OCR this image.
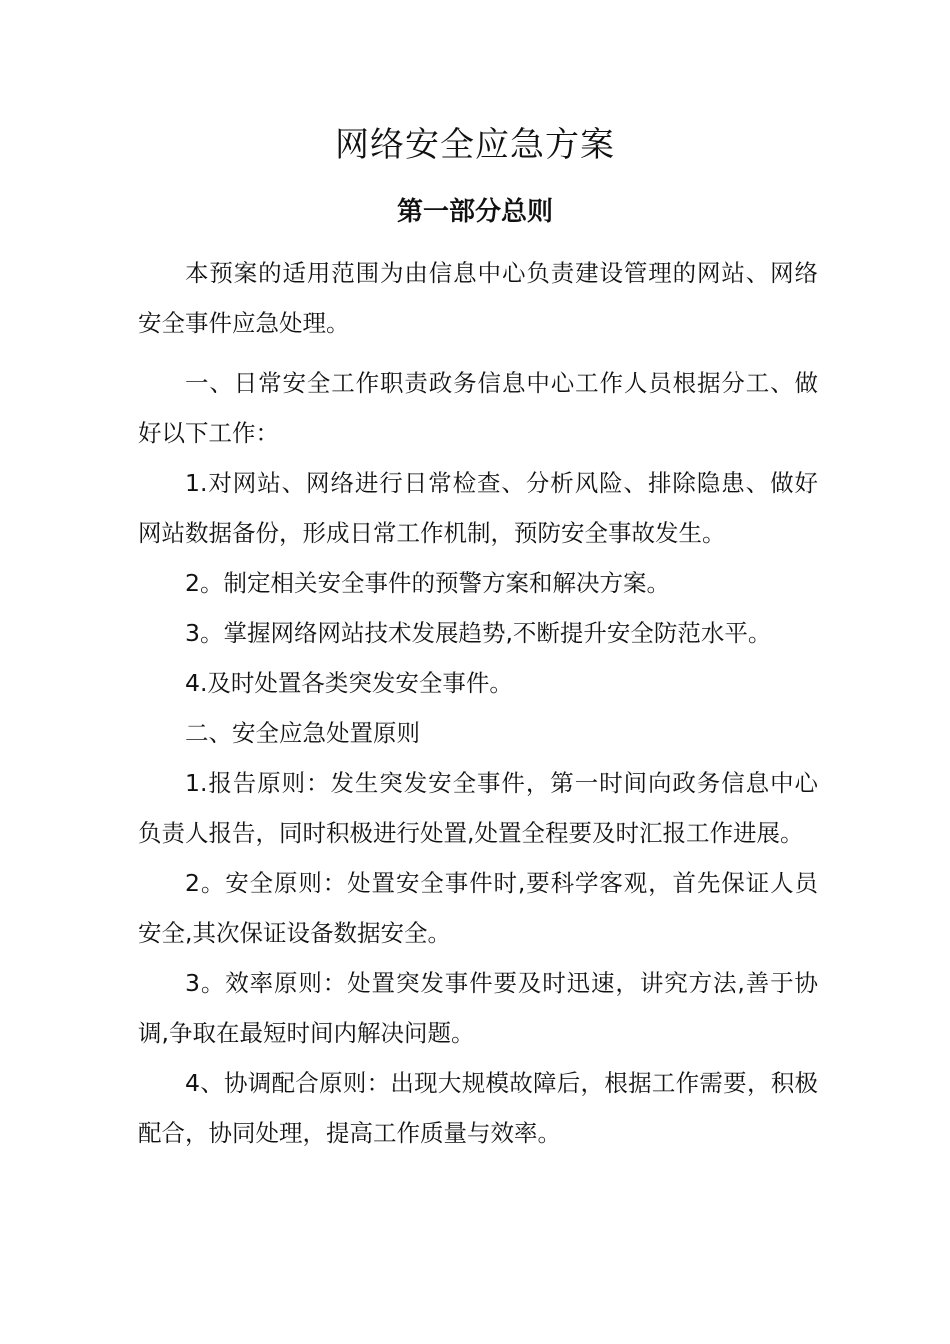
网络安全应急方案
第一部分总则

本预案的适用范围为由信息中心负责建设管理的网站、网络安全事件应急处理。

一、日常安全工作职责政务信息中心工作人员根据分工、做好以下工作：

1.对网站、网络进行日常检查、分析风险、排除隐患、做好网站数据备份，形成日常工作机制，预防安全事故发生。

2。制定相关安全事件的预警方案和解决方案。

3。掌握网络网站技术发展趋势,不断提升安全防范水平。

4.及时处置各类突发安全事件。

二、安全应急处置原则

1.报告原则：发生突发安全事件，第一时间向政务信息中心负责人报告，同时积极进行处置,处置全程要及时汇报工作进展。

2。安全原则：处置安全事件时,要科学客观，首先保证人员安全,其次保证设备数据安全。

3。效率原则：处置突发事件要及时迅速，讲究方法,善于协调,争取在最短时间内解决问题。

4、协调配合原则：出现大规模故障后，根据工作需要，积极配合，协同处理，提高工作质量与效率。
